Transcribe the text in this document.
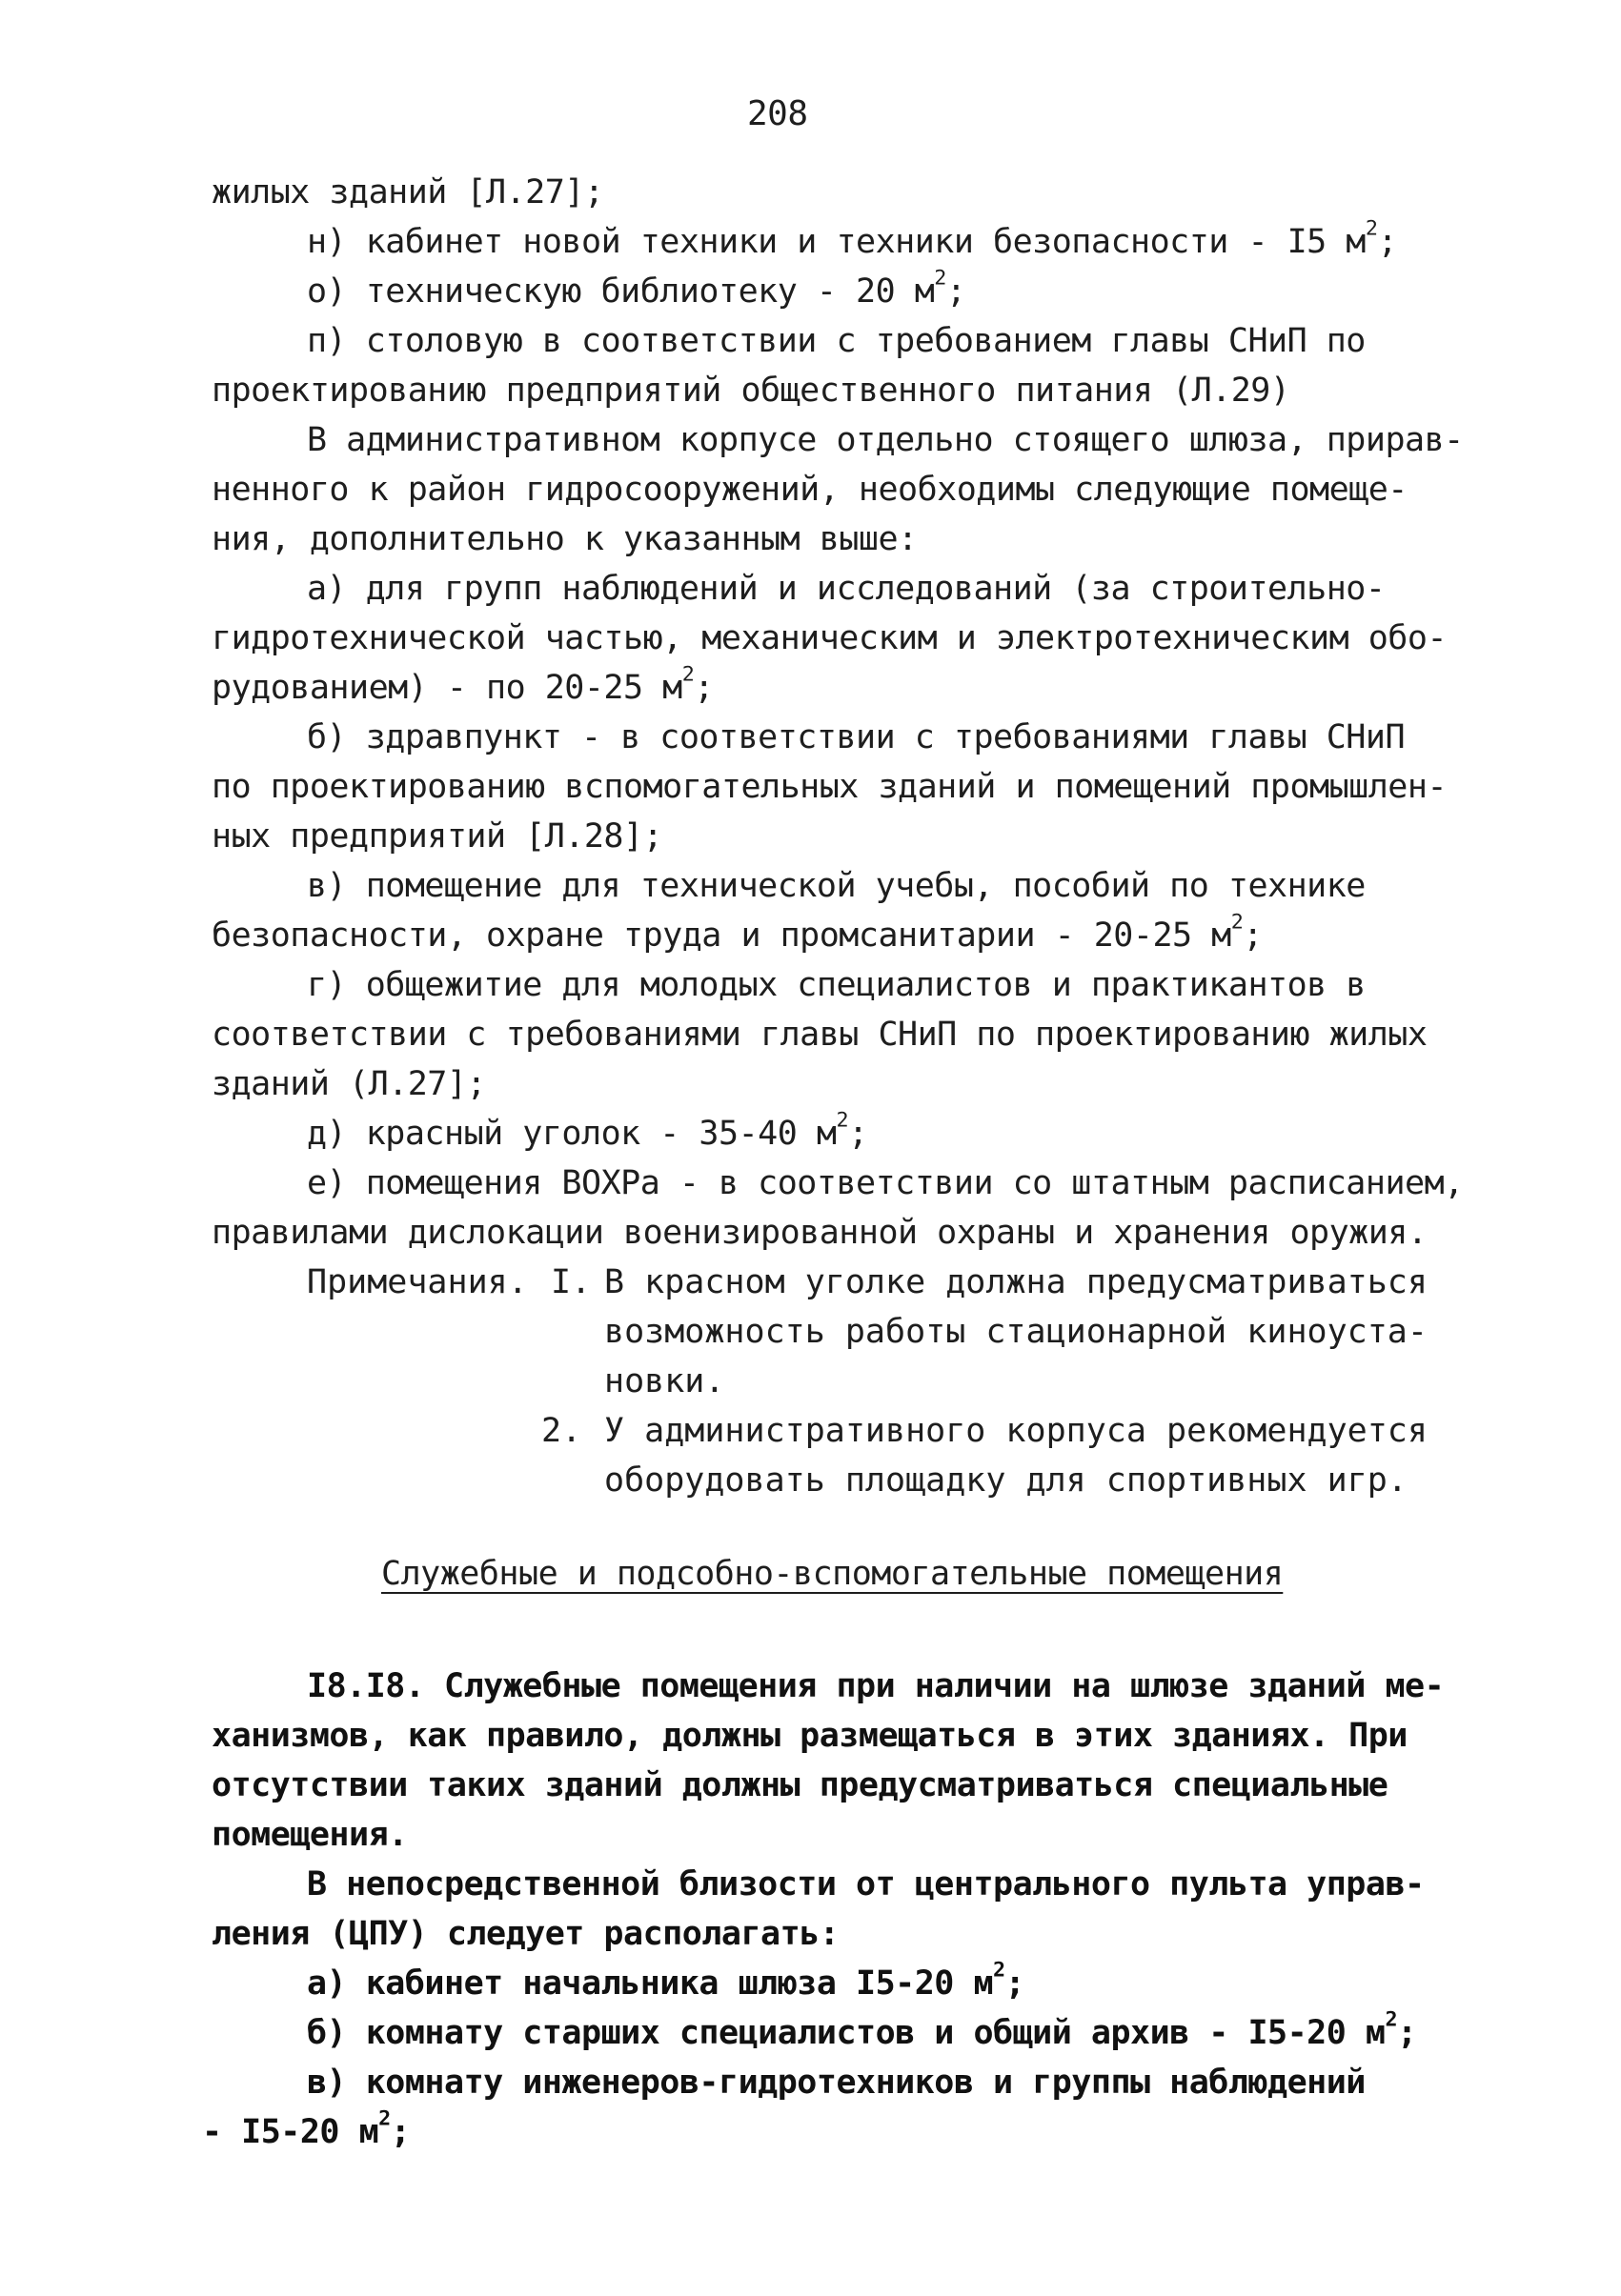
208
жилых зданий [Л.27];
н) кабинет новой техники и техники безопасности - I5 $м^2$;
о) техническую библиотеку - 20 $м^2$;
п) столовую в соответствии с требованием главы СНиП по
проектированию предприятий общественного питания (Л.29)
В административном корпусе отдельно стоящего шлюза, прирав-
ненного к район гидросооружений, необходимы следующие помеще-
ния, дополнительно к указанным выше:
а) для групп наблюдений и исследований (за строительно-
гидротехнической частью, механическим и электротехническим обо-
рудованием) - по 20-25 $м^2$;
б) здравпункт - в соответствии с требованиями главы СНиП
по проектированию вспомогательных зданий и помещений промышлен-
ных предприятий [Л.28];
в) помещение для технической учебы, пособий по технике
безопасности, охране труда и промсанитарии - 20-25 $м^2$;
г) общежитие для молодых специалистов и практикантов в
соответствии с требованиями главы СНиП по проектированию жилых
зданий (Л.27];
д) красный уголок - 35-40 $м^2$;
е) помещения ВОХРа - в соответствии со штатным расписанием,
правилами дислокации военизированной охраны и хранения оружия.
Примечания. I. В красном уголке должна предусматриваться
возможность работы стационарной киноуста-
новки.
2. У административного корпуса рекомендуется
оборудовать площадку для спортивных игр.
Служебные и подсобно-вспомогательные помещения
I8.I8. Служебные помещения при наличии на шлюзе зданий ме-
ханизмов, как правило, должны размещаться в этих зданиях. При
отсутствии таких зданий должны предусматриваться специальные
помещения.
В непосредственной близости от центрального пульта управ-
ления (ЦПУ) следует располагать:
а) кабинет начальника шлюза I5-20 $м^2$;
б) комнату старших специалистов и общий архив - I5-20 $м^2$;
в) комнату инженеров-гидротехников и группы наблюдений
- I5-20 $м^2$;
